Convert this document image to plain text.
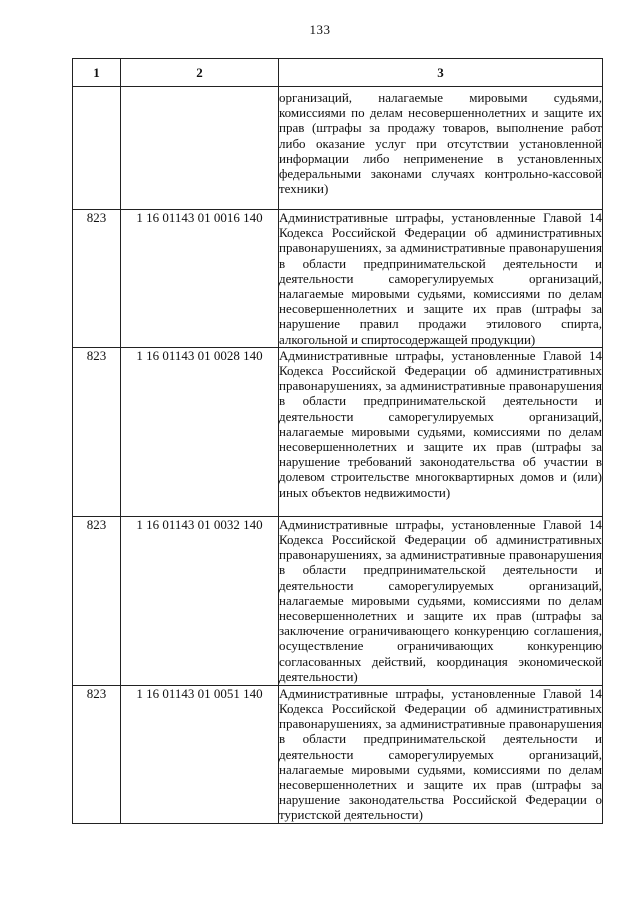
133
1	2	3
		организаций, налагаемые мировыми судьями, комиссиями по делам несовершеннолетних и защите их прав (штрафы за продажу товаров, выполнение работ либо оказание услуг при отсутствии установленной информации либо неприменение в установленных федеральными законами случаях контрольно-кассовой техники)
823	1 16 01143 01 0016 140	Административные штрафы, установленные Главой 14 Кодекса Российской Федерации об административных правонарушениях, за административные правонарушения в области предпринимательской деятельности и деятельности саморегулируемых организаций, налагаемые мировыми судьями, комиссиями по делам несовершеннолетних и защите их прав (штрафы за нарушение правил продажи этилового спирта, алкогольной и спиртосодержащей продукции)
823	1 16 01143 01 0028 140	Административные штрафы, установленные Главой 14 Кодекса Российской Федерации об административных правонарушениях, за административные правонарушения в области предпринимательской деятельности и деятельности саморегулируемых организаций, налагаемые мировыми судьями, комиссиями по делам несовершеннолетних и защите их прав (штрафы за нарушение требований законодательства об участии в долевом строительстве многоквартирных домов и (или) иных объектов недвижимости)
823	1 16 01143 01 0032 140	Административные штрафы, установленные Главой 14 Кодекса Российской Федерации об административных правонарушениях, за административные правонарушения в области предпринимательской деятельности и деятельности саморегулируемых организаций, налагаемые мировыми судьями, комиссиями по делам несовершеннолетних и защите их прав (штрафы за заключение ограничивающего конкуренцию соглашения, осуществление ограничивающих конкуренцию согласованных действий, координация экономической деятельности)
823	1 16 01143 01 0051 140	Административные штрафы, установленные Главой 14 Кодекса Российской Федерации об административных правонарушениях, за административные правонарушения в области предпринимательской деятельности и деятельности саморегулируемых организаций, налагаемые мировыми судьями, комиссиями по делам несовершеннолетних и защите их прав (штрафы за нарушение законодательства Российской Федерации о туристской деятельности)
